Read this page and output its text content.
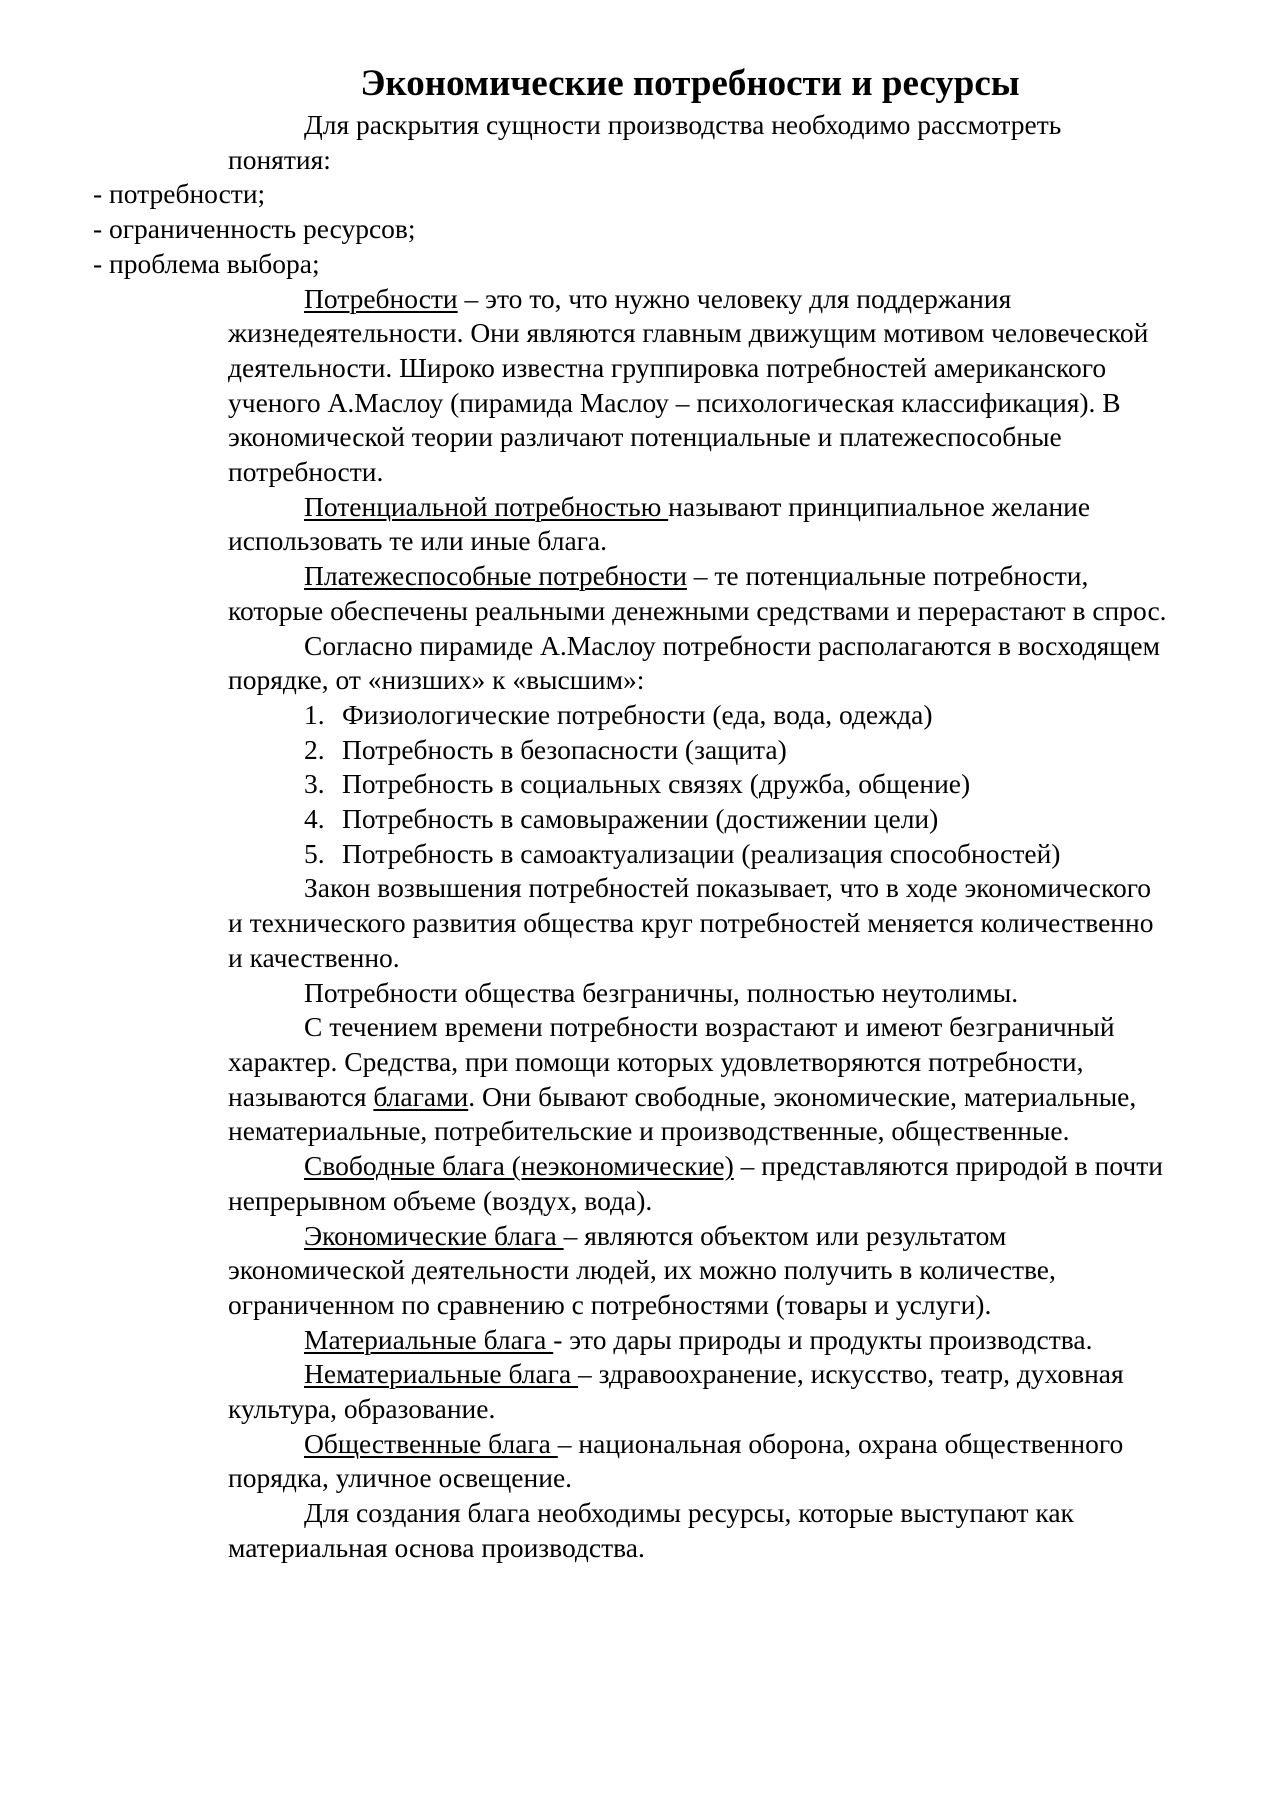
Экономические потребности и ресурсы

Для раскрытия сущности производства необходимо рассмотреть понятия:

- потребности;
- ограниченность ресурсов;
- проблема выбора;

Потребности – это то, что нужно человеку для поддержания жизнедеятельности. Они являются главным движущим мотивом человеческой деятельности. Широко известна группировка потребностей американского ученого А.Маслоу (пирамида Маслоу – психологическая классификация). В экономической теории различают потенциальные и платежеспособные потребности.

Потенциальной потребностью называют принципиальное желание использовать те или иные блага.

Платежеспособные потребности – те потенциальные потребности, которые обеспечены реальными денежными средствами и перерастают в спрос.

Согласно пирамиде А.Маслоу потребности располагаются в восходящем порядке, от «низших» к «высшим»:

1. Физиологические потребности (еда, вода, одежда)
2. Потребность в безопасности (защита)
3. Потребность в социальных связях (дружба, общение)
4. Потребность в самовыражении (достижении цели)
5. Потребность в самоактуализации (реализация способностей)

Закон возвышения потребностей показывает, что в ходе экономического и технического развития общества круг потребностей меняется количественно и качественно.

Потребности общества безграничны, полностью неутолимы.

С течением времени потребности возрастают и имеют безграничный характер. Средства, при помощи которых удовлетворяются потребности, называются благами. Они бывают свободные, экономические, материальные, нематериальные, потребительские и производственные, общественные.

Свободные блага (неэкономические) – представляются природой в почти непрерывном объеме (воздух, вода).

Экономические блага – являются объектом или результатом экономической деятельности людей, их можно получить в количестве, ограниченном по сравнению с потребностями (товары и услуги).

Материальные блага - это дары природы и продукты производства.

Нематериальные блага – здравоохранение, искусство, театр, духовная культура, образование.

Общественные блага – национальная оборона, охрана общественного порядка, уличное освещение.

Для создания блага необходимы ресурсы, которые выступают как материальная основа производства.
